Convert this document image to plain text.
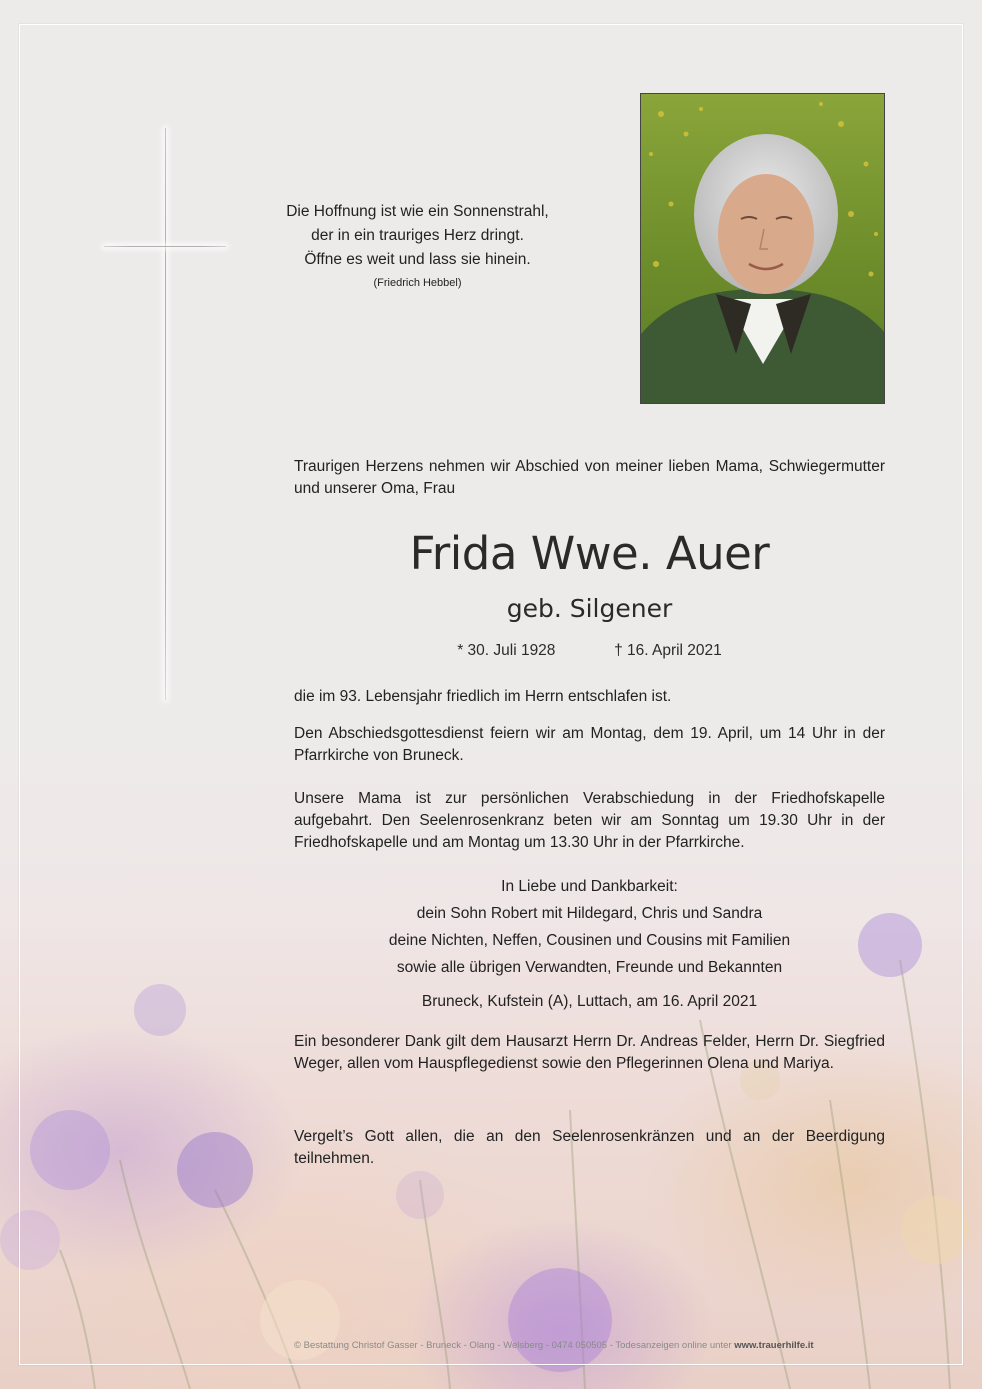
Die Hoffnung ist wie ein Sonnenstrahl,
der in ein trauriges Herz dringt.
Öffne es weit und lass sie hinein.
(Friedrich Hebbel)
Traurigen Herzens nehmen wir Abschied von meiner lieben Mama, Schwiegermutter und unserer Oma, Frau
Frida Wwe. Auer
geb. Silgener
* 30. Juli 1928	† 16. April 2021
die im 93. Lebensjahr friedlich im Herrn entschlafen ist.
Den Abschiedsgottesdienst feiern wir am Montag, dem 19. April, um 14 Uhr in der Pfarrkirche von Bruneck.
Unsere Mama ist zur persönlichen Verabschiedung in der Friedhofskapelle aufgebahrt. Den Seelenrosenkranz beten wir am Sonntag um 19.30 Uhr in der Friedhofskapelle und am Montag um 13.30 Uhr in der Pfarrkirche.
In Liebe und Dankbarkeit:
dein Sohn Robert mit Hildegard, Chris und Sandra
deine Nichten, Neffen, Cousinen und Cousins mit Familien
sowie alle übrigen Verwandten, Freunde und Bekannten
Bruneck, Kufstein (A), Luttach, am 16. April 2021
Ein besonderer Dank gilt dem Hausarzt Herrn Dr. Andreas Felder, Herrn Dr. Siegfried Weger, allen vom Hauspflegedienst sowie den Pflegerinnen Olena und Mariya.
Vergelt’s Gott allen, die an den Seelenrosenkränzen und an der Beerdigung teilnehmen.
© Bestattung Christof Gasser - Bruneck - Olang - Welsberg - 0474 050505 - Todesanzeigen online unter www.trauerhilfe.it
